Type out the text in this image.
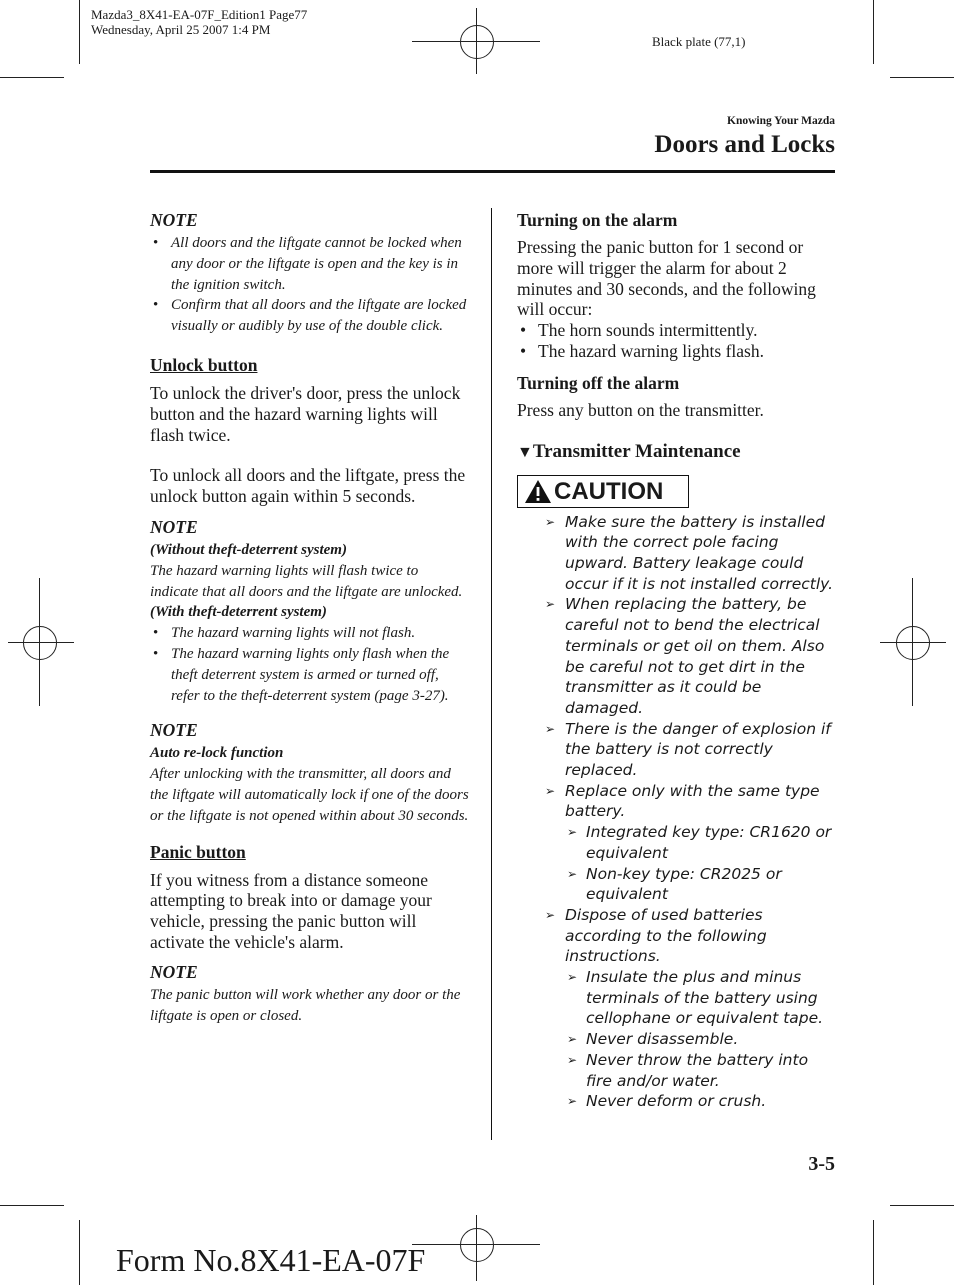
Mazda3_8X41-EA-07F_Edition1 Page77
Wednesday, April 25 2007 1:4 PM
Black plate (77,1)
Knowing Your Mazda
Doors and Locks
NOTE
• All doors and the liftgate cannot be locked when any door or the liftgate is open and the key is in the ignition switch.
• Confirm that all doors and the liftgate are locked visually or audibly by use of the double click.
Unlock button
To unlock the driver's door, press the unlock button and the hazard warning lights will flash twice.
To unlock all doors and the liftgate, press the unlock button again within 5 seconds.
NOTE
(Without theft-deterrent system)
The hazard warning lights will flash twice to indicate that all doors and the liftgate are unlocked.
(With theft-deterrent system)
• The hazard warning lights will not flash.
• The hazard warning lights only flash when the theft deterrent system is armed or turned off, refer to the theft-deterrent system (page 3-27).
NOTE
Auto re-lock function
After unlocking with the transmitter, all doors and the liftgate will automatically lock if one of the doors or the liftgate is not opened within about 30 seconds.
Panic button
If you witness from a distance someone attempting to break into or damage your vehicle, pressing the panic button will activate the vehicle's alarm.
NOTE
The panic button will work whether any door or the liftgate is open or closed.
Turning on the alarm
Pressing the panic button for 1 second or more will trigger the alarm for about 2 minutes and 30 seconds, and the following will occur:
• The horn sounds intermittently.
• The hazard warning lights flash.
Turning off the alarm
Press any button on the transmitter.
▼Transmitter Maintenance
CAUTION
➢ Make sure the battery is installed with the correct pole facing upward. Battery leakage could occur if it is not installed correctly.
➢ When replacing the battery, be careful not to bend the electrical terminals or get oil on them. Also be careful not to get dirt in the transmitter as it could be damaged.
➢ There is the danger of explosion if the battery is not correctly replaced.
➢ Replace only with the same type battery.
➢ Integrated key type: CR1620 or equivalent
➢ Non-key type: CR2025 or equivalent
➢ Dispose of used batteries according to the following instructions.
➢ Insulate the plus and minus terminals of the battery using cellophane or equivalent tape.
➢ Never disassemble.
➢ Never throw the battery into fire and/or water.
➢ Never deform or crush.
3-5
Form No.8X41-EA-07F
